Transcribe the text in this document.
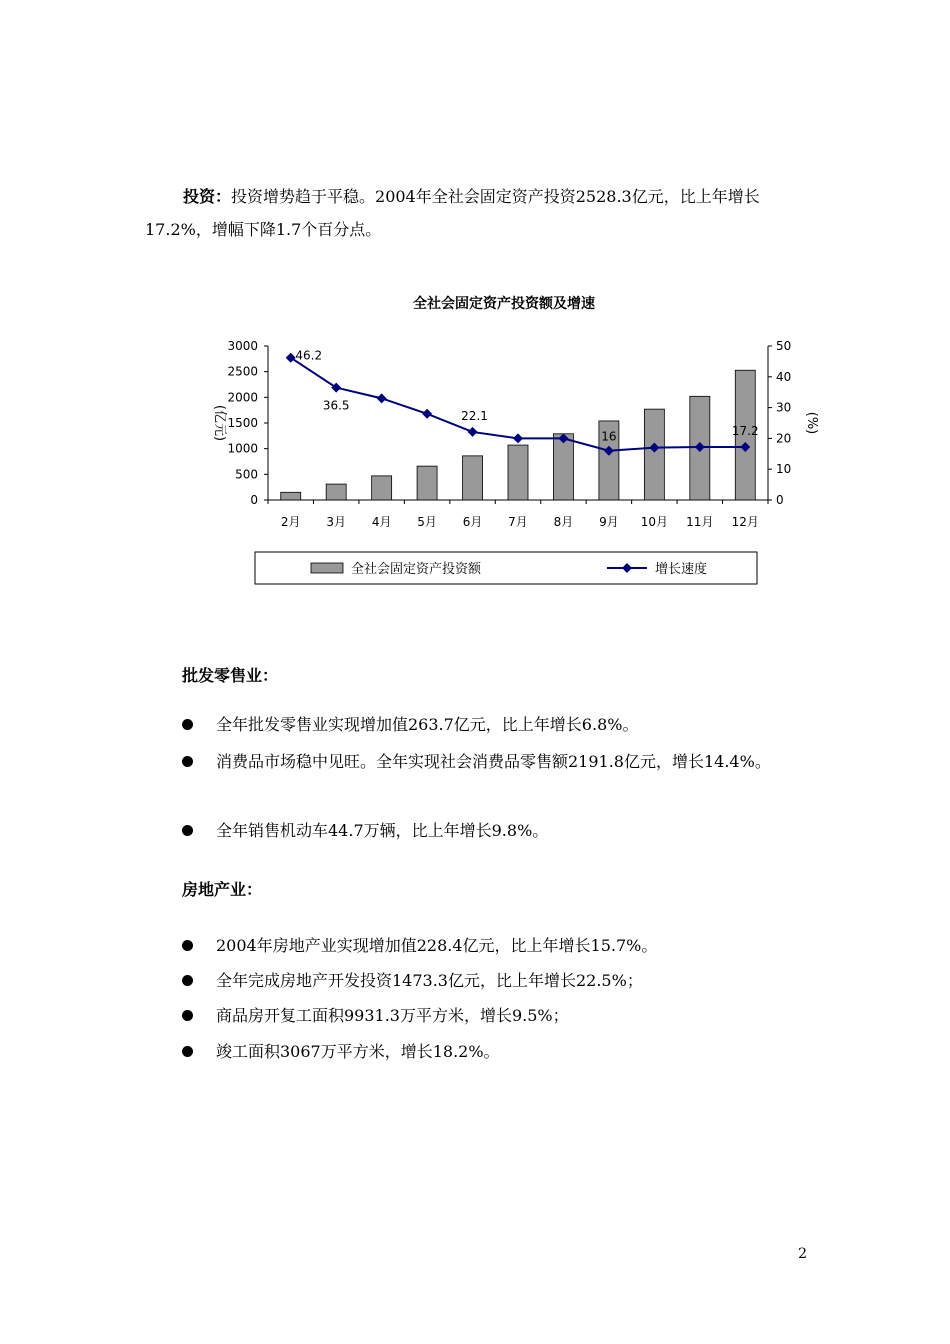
投资：投资增势趋于平稳。2004年全社会固定资产投资2528.3亿元，比上年增长17.2%，增幅下降1.7个百分点。
全社会固定资产投资额及增速
0
500
1000
1500
2000
2500
3000
0
10
20
30
40
50
2月 3月 4月 5月 6月 7月 8月 9月 10月 11月 12月
(亿元)	(%)
46.2
36.5
22.1
16	17.2
全社会固定资产投资额	增长速度
批发零售业：
全年批发零售业实现增加值263.7亿元，比上年增长6.8%。
消费品市场稳中见旺。全年实现社会消费品零售额2191.8亿元，增长14.4%。
全年销售机动车44.7万辆，比上年增长9.8%。
房地产业：
2004年房地产业实现增加值228.4亿元，比上年增长15.7%。
全年完成房地产开发投资1473.3亿元，比上年增长22.5%；
商品房开复工面积9931.3万平方米，增长9.5%；
竣工面积3067万平方米，增长18.2%。
2
